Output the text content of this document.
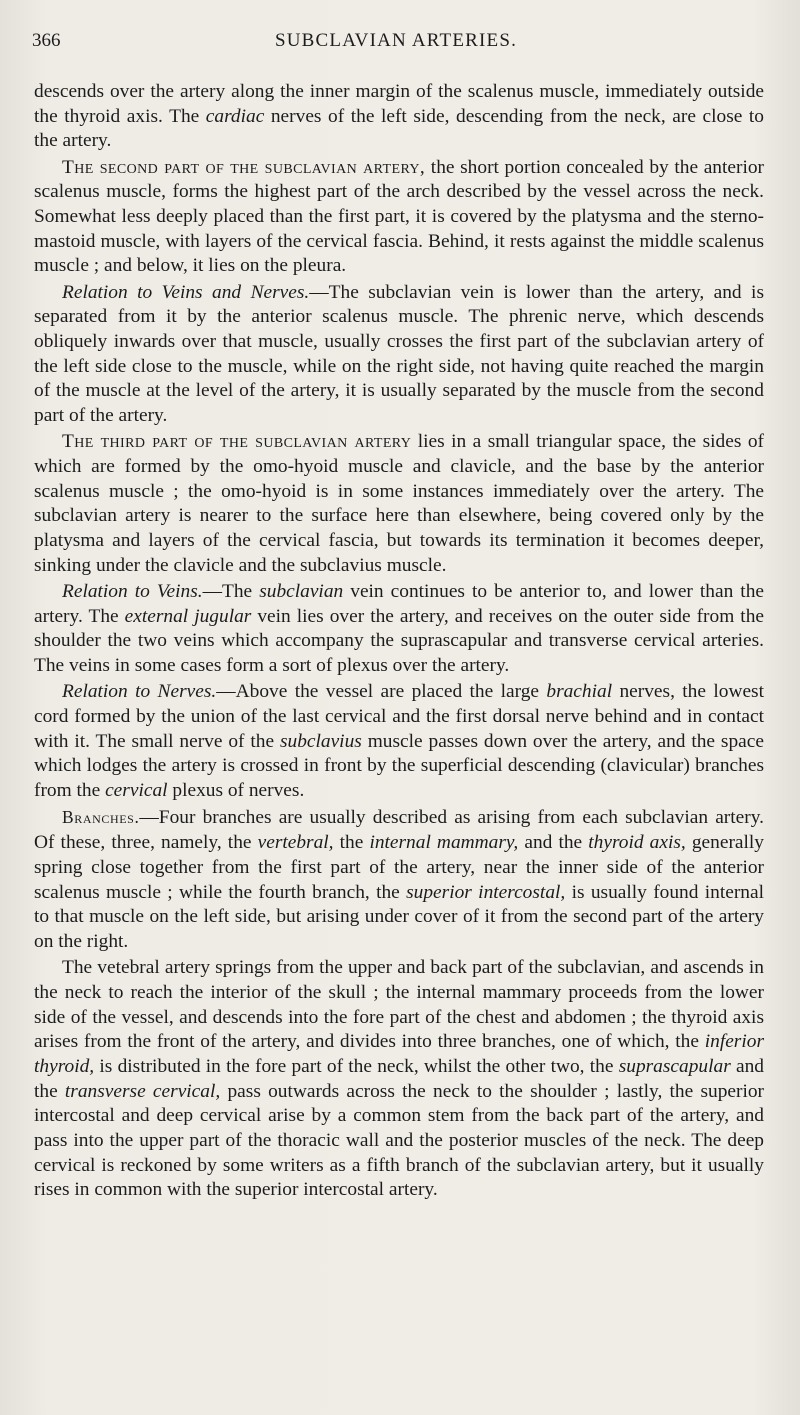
366	SUBCLAVIAN ARTERIES.

descends over the artery along the inner margin of the scalenus muscle, immediately outside the thyroid axis. The cardiac nerves of the left side, descending from the neck, are close to the artery.

The second part of the subclavian artery, the short portion concealed by the anterior scalenus muscle, forms the highest part of the arch described by the vessel across the neck. Somewhat less deeply placed than the first part, it is covered by the platysma and the sterno-mastoid muscle, with layers of the cervical fascia. Behind, it rests against the middle scalenus muscle ; and below, it lies on the pleura.

Relation to Veins and Nerves.—The subclavian vein is lower than the artery, and is separated from it by the anterior scalenus muscle. The phrenic nerve, which descends obliquely inwards over that muscle, usually crosses the first part of the subclavian artery of the left side close to the muscle, while on the right side, not having quite reached the margin of the muscle at the level of the artery, it is usually separated by the muscle from the second part of the artery.

The third part of the subclavian artery lies in a small triangular space, the sides of which are formed by the omo-hyoid muscle and clavicle, and the base by the anterior scalenus muscle ; the omo-hyoid is in some instances immediately over the artery. The subclavian artery is nearer to the surface here than elsewhere, being covered only by the platysma and layers of the cervical fascia, but towards its termination it becomes deeper, sinking under the clavicle and the subclavius muscle.

Relation to Veins.—The subclavian vein continues to be anterior to, and lower than the artery. The external jugular vein lies over the artery, and receives on the outer side from the shoulder the two veins which accompany the suprascapular and transverse cervical arteries. The veins in some cases form a sort of plexus over the artery.

Relation to Nerves.—Above the vessel are placed the large brachial nerves, the lowest cord formed by the union of the last cervical and the first dorsal nerve behind and in contact with it. The small nerve of the subclavius muscle passes down over the artery, and the space which lodges the artery is crossed in front by the superficial descending (clavicular) branches from the cervical plexus of nerves.

Branches.—Four branches are usually described as arising from each subclavian artery. Of these, three, namely, the vertebral, the internal mammary, and the thyroid axis, generally spring close together from the first part of the artery, near the inner side of the anterior scalenus muscle ; while the fourth branch, the superior intercostal, is usually found internal to that muscle on the left side, but arising under cover of it from the second part of the artery on the right.

The vetebral artery springs from the upper and back part of the subclavian, and ascends in the neck to reach the interior of the skull ; the internal mammary proceeds from the lower side of the vessel, and descends into the fore part of the chest and abdomen ; the thyroid axis arises from the front of the artery, and divides into three branches, one of which, the inferior thyroid, is distributed in the fore part of the neck, whilst the other two, the suprascapular and the transverse cervical, pass outwards across the neck to the shoulder ; lastly, the superior intercostal and deep cervical arise by a common stem from the back part of the artery, and pass into the upper part of the thoracic wall and the posterior muscles of the neck. The deep cervical is reckoned by some writers as a fifth branch of the subclavian artery, but it usually rises in common with the superior intercostal artery.
